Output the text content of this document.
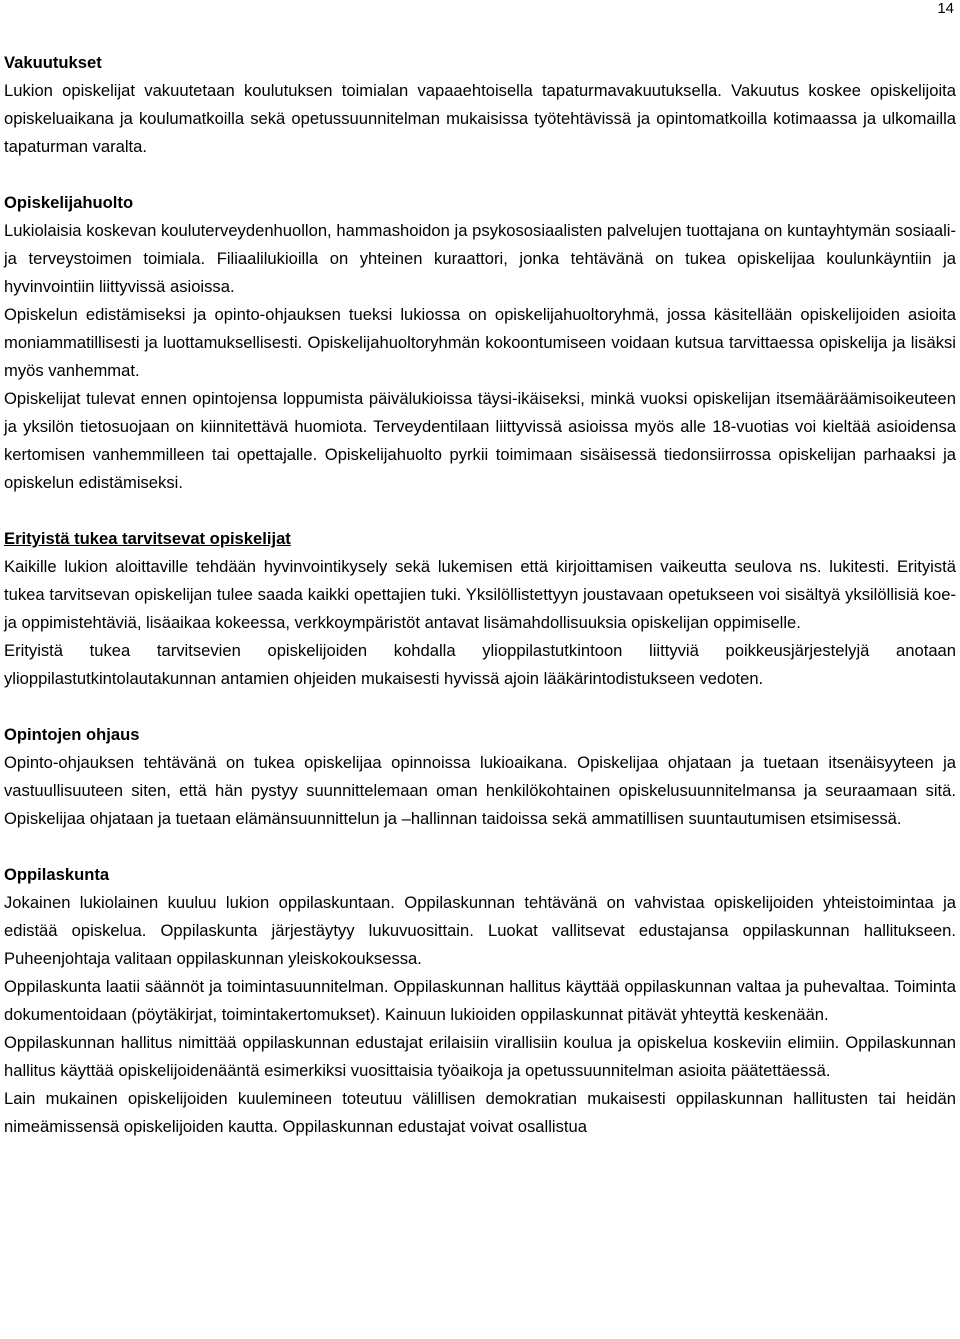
14

Vakuutukset

Lukion opiskelijat vakuutetaan koulutuksen toimialan vapaaehtoisella tapaturmavakuutuksella. Vakuutus koskee opiskelijoita opiskeluaikana ja koulumatkoilla sekä opetussuunnitelman mukaisissa työtehtävissä ja opintomatkoilla kotimaassa ja ulkomailla tapaturman varalta.

Opiskelijahuolto

Lukiolaisia koskevan kouluterveydenhuollon, hammashoidon ja psykososiaalisten palvelujen tuottajana on kuntayhtymän sosiaali- ja terveystoimen toimiala. Filiaalilukioilla on yhteinen kuraattori, jonka tehtävänä on tukea opiskelijaa koulunkäyntiin ja hyvinvointiin liittyvissä asioissa.

Opiskelun edistämiseksi ja opinto-ohjauksen tueksi lukiossa on opiskelijahuoltoryhmä, jossa käsitellään opiskelijoiden asioita moniammatillisesti ja luottamuksellisesti. Opiskelijahuoltoryhmän kokoontumiseen voidaan kutsua tarvittaessa opiskelija ja lisäksi myös vanhemmat.

Opiskelijat tulevat ennen opintojensa loppumista päivälukioissa täysi-ikäiseksi, minkä vuoksi opiskelijan itsemääräämisoikeuteen ja yksilön tietosuojaan on kiinnitettävä huomiota. Terveydentilaan liittyvissä asioissa myös alle 18-vuotias voi kieltää asioidensa kertomisen vanhemmilleen tai opettajalle. Opiskelijahuolto pyrkii toimimaan sisäisessä tiedonsiirrossa opiskelijan parhaaksi ja opiskelun edistämiseksi.

Erityistä tukea tarvitsevat opiskelijat

Kaikille lukion aloittaville tehdään hyvinvointikysely sekä lukemisen että kirjoittamisen vaikeutta seulova ns. lukitesti. Erityistä tukea tarvitsevan opiskelijan tulee saada kaikki opettajien tuki. Yksilöllistettyyn joustavaan opetukseen voi sisältyä yksilöllisiä koe- ja oppimistehtäviä, lisäaikaa kokeessa, verkkoympäristöt antavat lisämahdollisuuksia opiskelijan oppimiselle.

Erityistä tukea tarvitsevien opiskelijoiden kohdalla ylioppilastutkintoon liittyviä poikkeusjärjestelyjä anotaan ylioppilastutkintolautakunnan antamien ohjeiden mukaisesti hyvissä ajoin lääkärintodistukseen vedoten.

Opintojen ohjaus

Opinto-ohjauksen tehtävänä on tukea opiskelijaa opinnoissa lukioaikana. Opiskelijaa ohjataan ja tuetaan itsenäisyyteen ja vastuullisuuteen siten, että hän pystyy suunnittelemaan oman henkilökohtainen opiskelusuunnitelmansa ja seuraamaan sitä. Opiskelijaa ohjataan ja tuetaan elämänsuunnittelun ja –hallinnan taidoissa sekä ammatillisen suuntautumisen etsimisessä.

Oppilaskunta

Jokainen lukiolainen kuuluu lukion oppilaskuntaan. Oppilaskunnan tehtävänä on vahvistaa opiskelijoiden yhteistoimintaa ja edistää opiskelua. Oppilaskunta järjestäytyy lukuvuosittain. Luokat vallitsevat edustajansa oppilaskunnan hallitukseen. Puheenjohtaja valitaan oppilaskunnan yleiskokouksessa.

Oppilaskunta laatii säännöt ja toimintasuunnitelman. Oppilaskunnan hallitus käyttää oppilaskunnan valtaa ja puhevaltaa. Toiminta dokumentoidaan (pöytäkirjat, toimintakertomukset). Kainuun lukioiden oppilaskunnat pitävät yhteyttä keskenään.

Oppilaskunnan hallitus nimittää oppilaskunnan edustajat erilaisiin virallisiin koulua ja opiskelua koskeviin elimiin. Oppilaskunnan hallitus käyttää opiskelijoidenääntä esimerkiksi vuosittaisia työaikoja ja opetussuunnitelman asioita päätettäessä.

Lain mukainen opiskelijoiden kuulemineen toteutuu välillisen demokratian mukaisesti oppilaskunnan hallitusten tai heidän nimeämissensä opiskelijoiden kautta. Oppilaskunnan edustajat voivat osallistua
